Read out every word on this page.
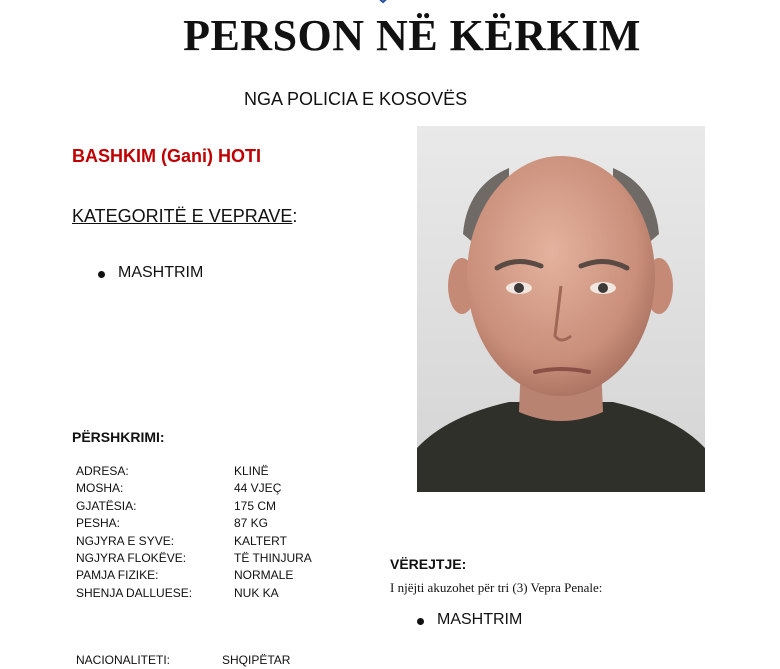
PERSON NË KËRKIM
NGA POLICIA E KOSOVËS
BASHKIM (Gani) HOTI
KATEGORITË E VEPRAVE:
MASHTRIM
PËRSHKRIMI:
ADRESA:	KLINË
MOSHA:	44 VJEÇ
GJATËSIA:	175 CM
PESHA:	87 KG
NGJYRA E SYVE:	KALTERT
NGJYRA FLOKËVE:	TË THINJURA
PAMJA FIZIKE:	NORMALE
SHENJA DALLUESE:	NUK KA
NACIONALITETI:	SHQIPËTAR
VËREJTJE:
I njëjti akuzohet për tri (3) Vepra Penale:
MASHTRIM
